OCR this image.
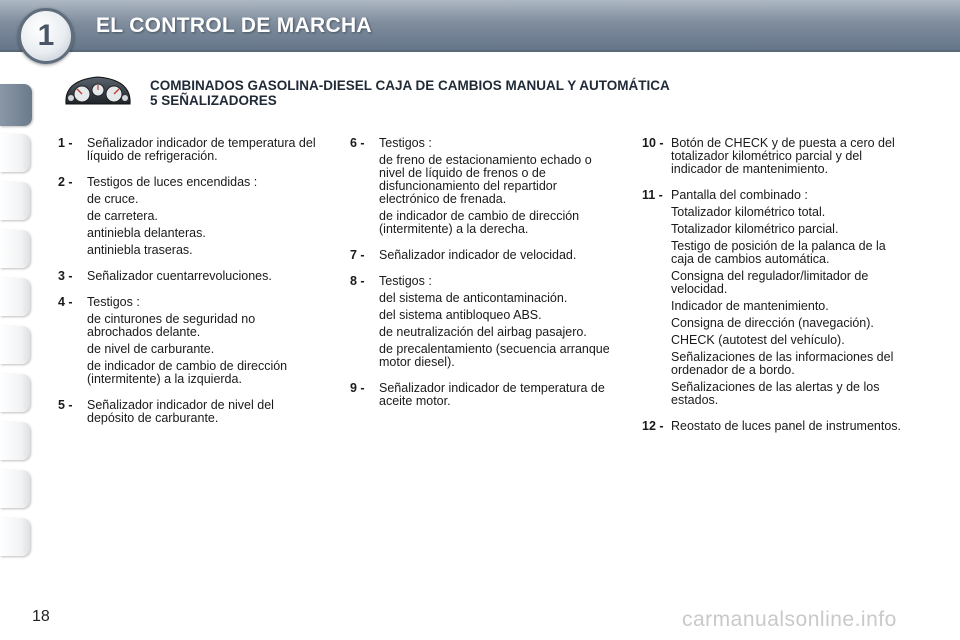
EL CONTROL DE MARCHA
1
COMBINADOS GASOLINA-DIESEL CAJA DE CAMBIOS MANUAL Y AUTOMÁTICA
5 SEÑALIZADORES
1 -	Señalizador indicador de temperatura del líquido de refrigeración.
2 -	Testigos de luces encendidas :
de cruce.
de carretera.
antiniebla delanteras.
antiniebla traseras.
3 -	Señalizador cuentarrevoluciones.
4 -	Testigos :
de cinturones de seguridad no abrochados delante.
de nivel de carburante.
de indicador de cambio de dirección (intermitente) a la izquierda.
5 -	Señalizador indicador de nivel del depósito de carburante.
6 -	Testigos :
de freno de estacionamiento echado o nivel de líquido de frenos o de disfuncionamiento del repartidor electrónico de frenada.
de indicador de cambio de dirección (intermitente) a la derecha.
7 -	Señalizador indicador de velocidad.
8 -	Testigos :
del sistema de anticontaminación.
del sistema antibloqueo ABS.
de neutralización del airbag pasajero.
de precalentamiento (secuencia arranque motor diesel).
9 -	Señalizador indicador de temperatura de aceite motor.
10 - Botón de CHECK y de puesta a cero del totalizador kilométrico parcial y del indicador de mantenimiento.
11 - Pantalla del combinado :
Totalizador kilométrico total.
Totalizador kilométrico parcial.
Testigo de posición de la palanca de la caja de cambios automática.
Consigna del regulador/limitador de velocidad.
Indicador de mantenimiento.
Consigna de dirección (navegación).
CHECK (autotest del vehículo).
Señalizaciones de las informaciones del ordenador de a bordo.
Señalizaciones de las alertas y de los estados.
12 - Reostato de luces panel de instrumentos.
18	carmanualsonline.info
